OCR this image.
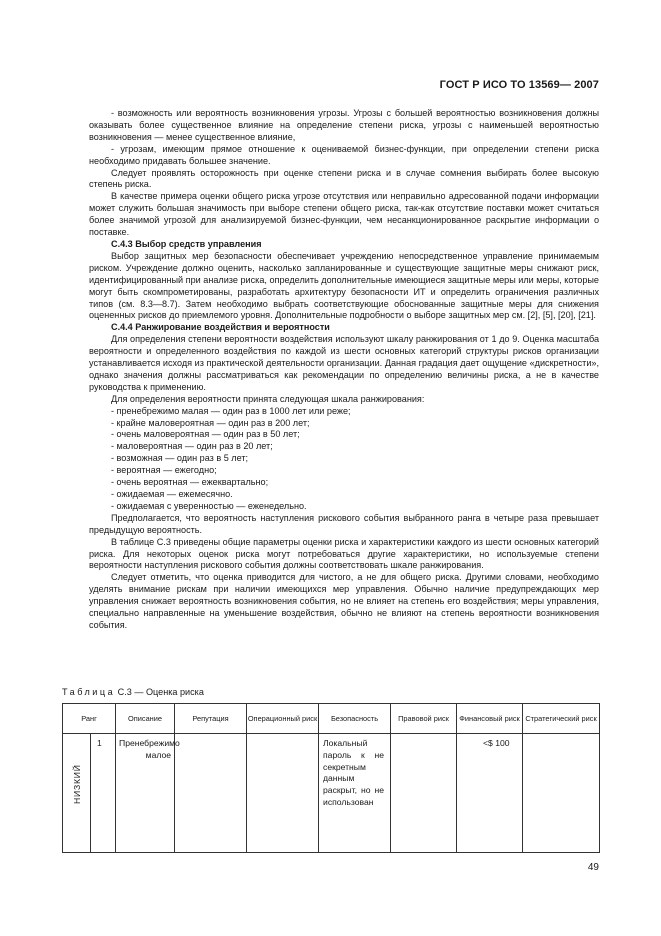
ГОСТ Р ИСО ТО 13569— 2007

- возможность или вероятность возникновения угрозы. Угрозы с большей вероятностью возникновения должны оказывать более существенное влияние на определение степени риска, угрозы с наименьшей вероятностью возникновения — менее существенное влияние,

- угрозам, имеющим прямое отношение к оцениваемой бизнес-функции, при определении степени риска необходимо придавать большее значение.

Следует проявлять осторожность при оценке степени риска и в случае сомнения выбирать более высокую степень риска.

В качестве примера оценки общего риска угрозе отсутствия или неправильно адресованной подачи информации может служить большая значимость при выборе степени общего риска, так-как отсутствие поставки может считаться более значимой угрозой для анализируемой бизнес-функции, чем несанкционированное раскрытие информации о поставке.

С.4.3 Выбор средств управления

Выбор защитных мер безопасности обеспечивает учреждению непосредственное управление принимаемым риском. Учреждение должно оценить, насколько запланированные и существующие защитные меры снижают риск, идентифицированный при анализе риска, определить дополнительные имеющиеся защитные меры или меры, которые могут быть скомпрометированы, разработать архитектуру безопасности ИТ и определить ограничения различных типов (см. 8.3—8.7). Затем необходимо выбрать соответствующие обоснованные защитные меры для снижения оцененных рисков до приемлемого уровня. Дополнительные подробности о выборе защитных мер см. [2], [5], [20], [21].

С.4.4 Ранжирование воздействия и вероятности

Для определения степени вероятности воздействия используют шкалу ранжирования от 1 до 9. Оценка масштаба вероятности и определенного воздействия по каждой из шести основных категорий структуры рисков организации устанавливается исходя из практической деятельности организации. Данная градация дает ощущение «дискретности», однако значения должны рассматриваться как рекомендации по определению величины риска, а не в качестве руководства к применению.

Для определения вероятности принята следующая шкала ранжирования:

- пренебрежимо малая — один раз в 1000 лет или реже;

- крайне маловероятная — один раз в 200 лет;

- очень маловероятная — один раз в 50 лет;

- маловероятная — один раз в 20 лет;

- возможная — один раз в 5 лет;

- вероятная — ежегодно;

- очень вероятная — ежеквартально;

- ожидаемая — ежемесячно.

- ожидаемая с уверенностью — еженедельно.

Предполагается, что вероятность наступления рискового события выбранного ранга в четыре раза превышает предыдущую вероятность.

В таблице С.3 приведены общие параметры оценки риска и характеристики каждого из шести основных категорий риска. Для некоторых оценок риска могут потребоваться другие характеристики, но используемые степени вероятности наступления рискового события должны соответствовать шкале ранжирования.

Следует отметить, что оценка приводится для чистого, а не для общего риска. Другими словами, необходимо уделять внимание рискам при наличии имеющихся мер управления. Обычно наличие предупреждающих мер управления снижает вероятность возникновения события, но не влияет на степень его воздействия; меры управления, специально направленные на уменьшение воздействия, обычно не влияют на степень вероятности возникновения события.

Таблица С.3 — Оценка риска
Ранг		Описание	Репутация	Операционный риск	Безопасность	Правовой риск	Финансовый риск	Стратегический риск

НИЗКИЙ	1	Пренебрежимо малое			Локальный пароль к не секретным данным раскрыт, но не использован		<$ 100	

49
